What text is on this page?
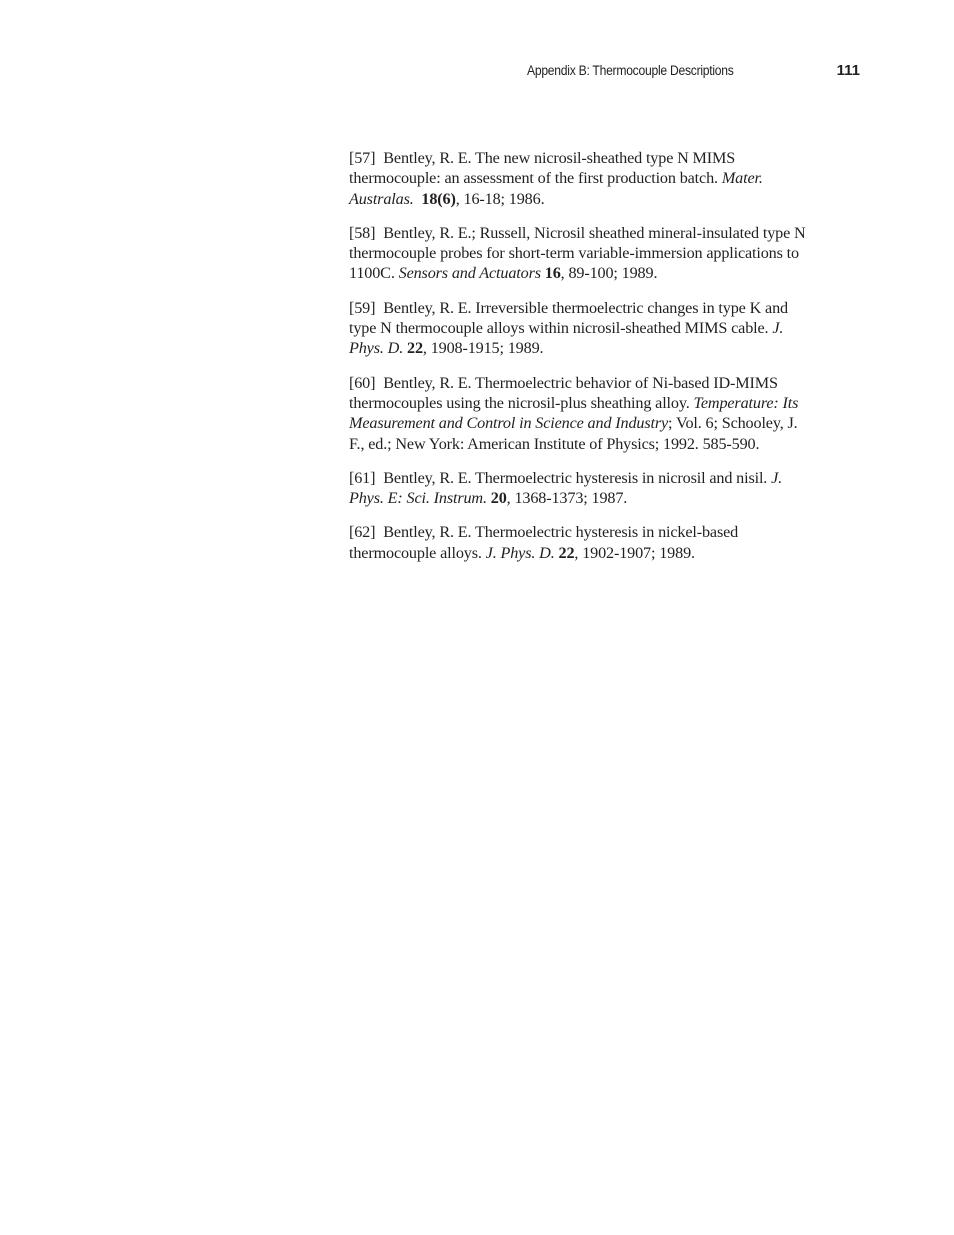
Appendix B: Thermocouple Descriptions	111
[57] Bentley, R. E. The new nicrosil-sheathed type N MIMS
thermocouple: an assessment of the first production batch. Mater.
Australas. 18(6), 16-18; 1986.
[58] Bentley, R. E.; Russell, Nicrosil sheathed mineral-insulated type N
thermocouple probes for short-term variable-immersion applications to
1100C. Sensors and Actuators 16, 89-100; 1989.
[59] Bentley, R. E. Irreversible thermoelectric changes in type K and
type N thermocouple alloys within nicrosil-sheathed MIMS cable. J.
Phys. D. 22, 1908-1915; 1989.
[60] Bentley, R. E. Thermoelectric behavior of Ni-based ID-MIMS
thermocouples using the nicrosil-plus sheathing alloy. Temperature: Its
Measurement and Control in Science and Industry; Vol. 6; Schooley, J.
F., ed.; New York: American Institute of Physics; 1992. 585-590.
[61] Bentley, R. E. Thermoelectric hysteresis in nicrosil and nisil. J.
Phys. E: Sci. Instrum. 20, 1368-1373; 1987.
[62] Bentley, R. E. Thermoelectric hysteresis in nickel-based
thermocouple alloys. J. Phys. D. 22, 1902-1907; 1989.
